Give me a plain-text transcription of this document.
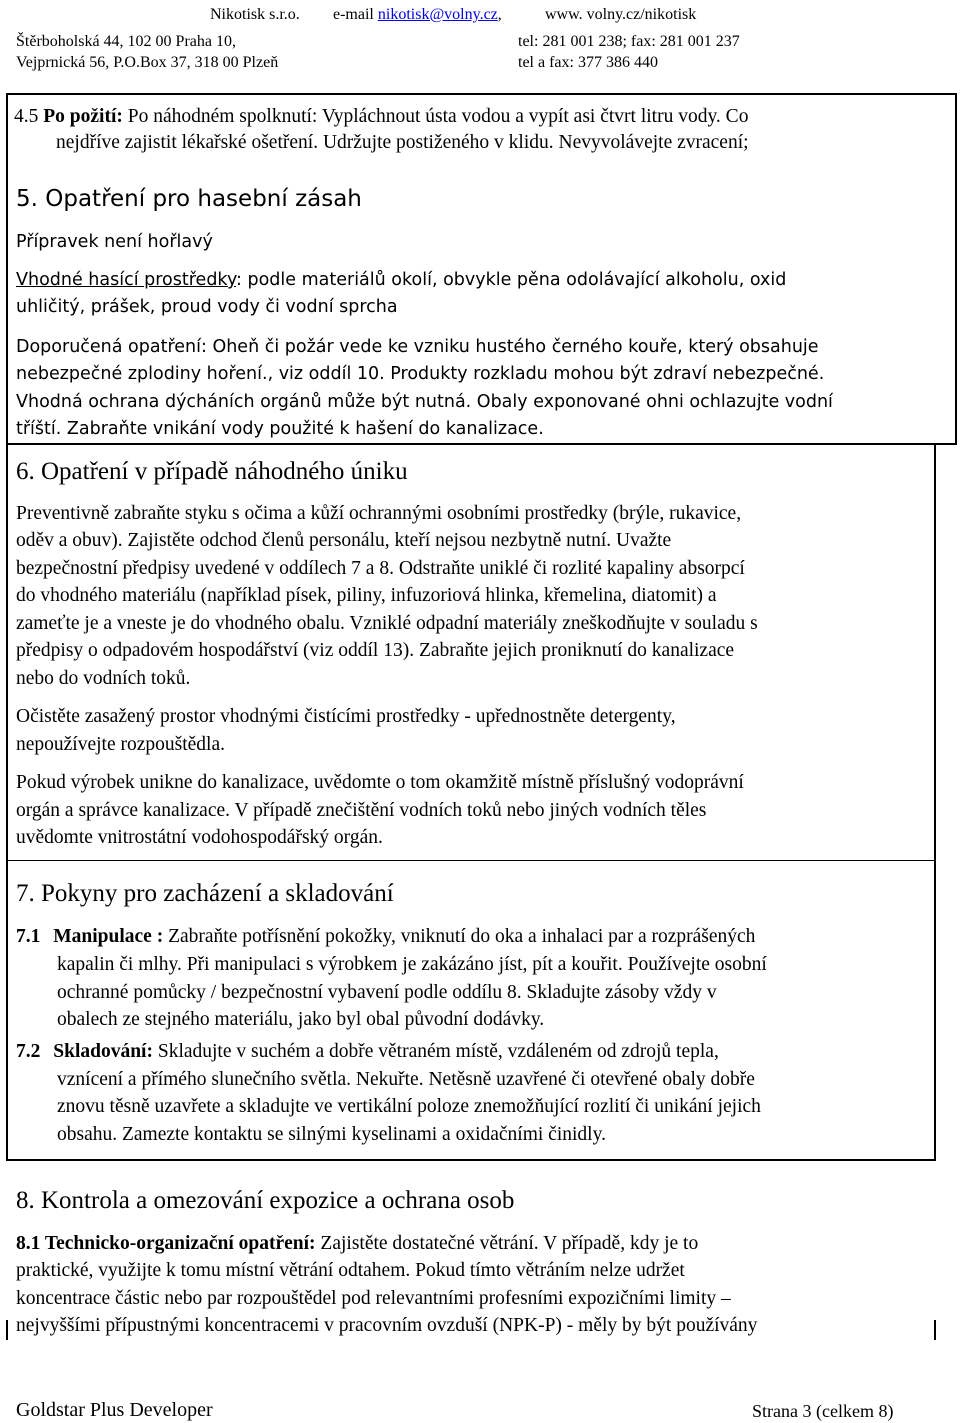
Nikotisk s.r.o. e-mail nikotisk@volny.cz,	www. volny.cz/nikotisk
Štěrboholská 44, 102 00 Praha 10,	tel: 281 001 238; fax: 281 001 237
Vejprnická 56, P.O.Box 37, 318 00 Plzeň	tel a fax: 377 386 440
4.5 Po požití: Po náhodném spolknutí: Vypláchnout ústa vodou a vypít asi čtvrt litru vody. Co
nejdříve zajistit lékařské ošetření. Udržujte postiženého v klidu. Nevyvolávejte zvracení;
5. Opatření pro hasební zásah
Přípravek není hořlavý
Vhodné hasící prostředky: podle materiálů okolí, obvykle pěna odolávající alkoholu, oxid
uhličitý, prášek, proud vody či vodní sprcha
Doporučená opatření: Oheň či požár vede ke vzniku hustého černého kouře, který obsahuje
nebezpečné zplodiny hoření., viz oddíl 10. Produkty rozkladu mohou být zdraví nebezpečné.
Vhodná ochrana dýcháních orgánů může být nutná. Obaly exponované ohni ochlazujte vodní
tříští. Zabraňte vnikání vody použité k hašení do kanalizace.
6. Opatření v případě náhodného úniku
Preventivně zabraňte styku s očima a kůží ochrannými osobními prostředky (brýle, rukavice,
oděv a obuv). Zajistěte odchod členů personálu, kteří nejsou nezbytně nutní. Uvažte
bezpečnostní předpisy uvedené v oddílech 7 a 8. Odstraňte uniklé či rozlité kapaliny absorpcí
do vhodného materiálu (například písek, piliny, infuzoriová hlinka, křemelina, diatomit) a
zameťte je a vneste je do vhodného obalu. Vzniklé odpadní materiály zneškodňujte v souladu s
předpisy o odpadovém hospodářství (viz oddíl 13). Zabraňte jejich proniknutí do kanalizace
nebo do vodních toků.
Očistěte zasažený prostor vhodnými čistícími prostředky - upřednostněte detergenty,
nepoužívejte rozpouštědla.
Pokud výrobek unikne do kanalizace, uvědomte o tom okamžitě místně příslušný vodoprávní
orgán a správce kanalizace. V případě znečištění vodních toků nebo jiných vodních těles
uvědomte vnitrostátní vodohospodářský orgán.
7. Pokyny pro zacházení a skladování
7.1 Manipulace : Zabraňte potřísnění pokožky, vniknutí do oka a inhalaci par a rozprášených
kapalin či mlhy. Při manipulaci s výrobkem je zakázáno jíst, pít a kouřit. Používejte osobní
ochranné pomůcky / bezpečnostní vybavení podle oddílu 8. Skladujte zásoby vždy v
obalech ze stejného materiálu, jako byl obal původní dodávky.
7.2 Skladování: Skladujte v suchém a dobře větraném místě, vzdáleném od zdrojů tepla,
vznícení a přímého slunečního světla. Nekuřte. Netěsně uzavřené či otevřené obaly dobře
znovu těsně uzavřete a skladujte ve vertikální poloze znemožňující rozlití či unikání jejich
obsahu. Zamezte kontaktu se silnými kyselinami a oxidačními činidly.
8. Kontrola a omezování expozice a ochrana osob
8.1 Technicko-organizační opatření: Zajistěte dostatečné větrání. V případě, kdy je to
praktické, využijte k tomu místní větrání odtahem. Pokud tímto větráním nelze udržet
koncentrace částic nebo par rozpouštědel pod relevantními profesními expozičními limity –
nejvyššími přípustnými koncentracemi v pracovním ovzduší (NPK-P) - měly by být používány
Goldstar Plus Developer	Strana 3 (celkem 8)
